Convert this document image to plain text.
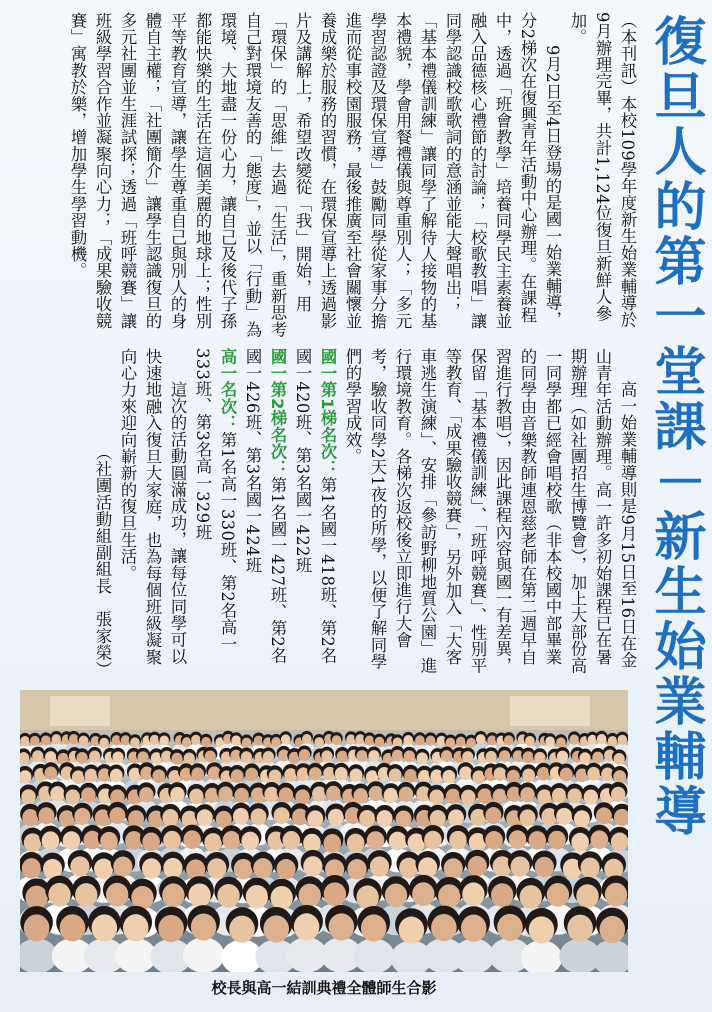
復旦人的第一堂課－新生始業輔導

（本刊訊）本校109學年度新生始業輔導於9月辦理完畢，共計1,124位復旦新鮮人參加。

9月2日至4日登場的是國一始業輔導，分2梯次在復興青年活動中心辦理。在課程中，透過「班會教學」培養同學民主素養並融入品德核心禮節的討論；「校歌教唱」讓同學認識校歌歌詞的意涵並能大聲唱出；「基本禮儀訓練」讓同學了解待人接物的基本禮貌，學會用餐禮儀與尊重別人；「多元學習認證及環保宣導」鼓勵同學從家事分擔進而從事校園服務，最後推廣至社會關懷並養成樂於服務的習慣，在環保宣導上透過影片及講解上，希望改變從「我」開始，用「環保」的「思維」去過「生活」，重新思考自己對環境友善的「態度」，並以「行動」為環境、大地盡一份心力，讓自己及後代子孫都能快樂的生活在這個美麗的地球上；性別平等教育宣導，讓學生尊重自己與別人的身體自主權；「社團簡介」讓學生認識復旦的多元社團並生涯試探；透過「班呼競賽」讓班級學習合作並凝聚向心力；「成果驗收競賽」寓教於樂，增加學生學習動機。

高一始業輔導則是9月15日至16日在金山青年活動辦理。高一許多初始課程已在暑期辦理（如社團招生博覽會），加上大部份高一同學都已經會唱校歌（非本校國中部畢業的同學由音樂教師連恩慈老師在第二週早自習進行教唱），因此課程內容與國一有差異，保留「基本禮儀訓練」、「班呼競賽」、性別平等教育、「成果驗收競賽」，另外加入「大客車逃生演練」、安排「參訪野柳地質公園」進行環境教育。各梯次返校後立即進行大會考，驗收同學2天1夜的所學，以便了解同學們的學習成效。

國一第1梯名次：第1名國一418班、第2名國一420班、第3名國一422班

國一第2梯名次：第1名國一427班、第2名國一426班、第3名國一424班

高一名次：第1名高一330班、第2名高一333班、第3名高一329班

這次的活動圓滿成功，讓每位同學可以快速地融入復旦大家庭，也為每個班級凝聚向心力來迎向嶄新的復旦生活。

（社團活動組副組長　張家榮）

校長與高一結訓典禮全體師生合影
